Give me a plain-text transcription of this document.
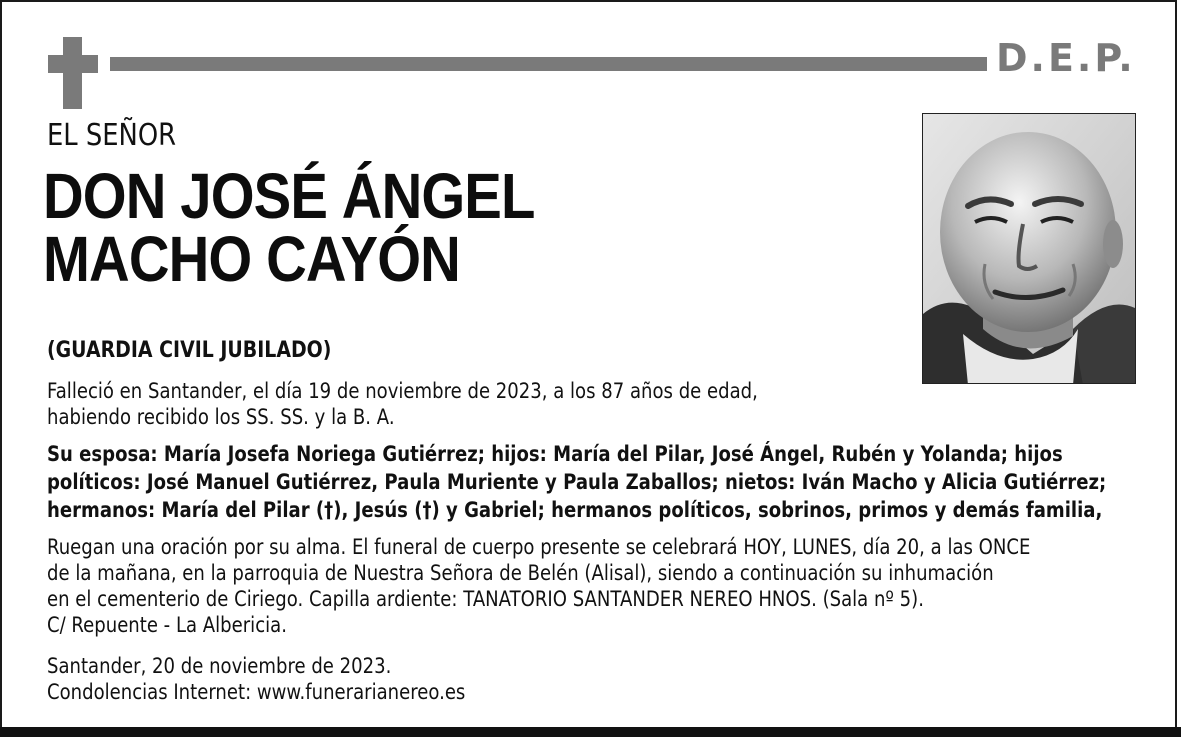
D.E.P.
EL SEÑOR
DON JOSÉ ÁNGEL
MACHO CAYÓN
(GUARDIA CIVIL JUBILADO)
Falleció en Santander, el día 19 de noviembre de 2023, a los 87 años de edad,
habiendo recibido los SS. SS. y la B. A.
Su esposa: María Josefa Noriega Gutiérrez; hijos: María del Pilar, José Ángel, Rubén y Yolanda; hijos
políticos: José Manuel Gutiérrez, Paula Muriente y Paula Zaballos; nietos: Iván Macho y Alicia Gutiérrez;
hermanos: María del Pilar (†), Jesús (†) y Gabriel; hermanos políticos, sobrinos, primos y demás familia,
Ruegan una oración por su alma. El funeral de cuerpo presente se celebrará HOY, LUNES, día 20, a las ONCE
de la mañana, en la parroquia de Nuestra Señora de Belén (Alisal), siendo a continuación su inhumación
en el cementerio de Ciriego. Capilla ardiente: TANATORIO SANTANDER NEREO HNOS. (Sala nº 5).
C/ Repuente - La Albericia.
Santander, 20 de noviembre de 2023.
Condolencias Internet: www.funerarianereo.es
